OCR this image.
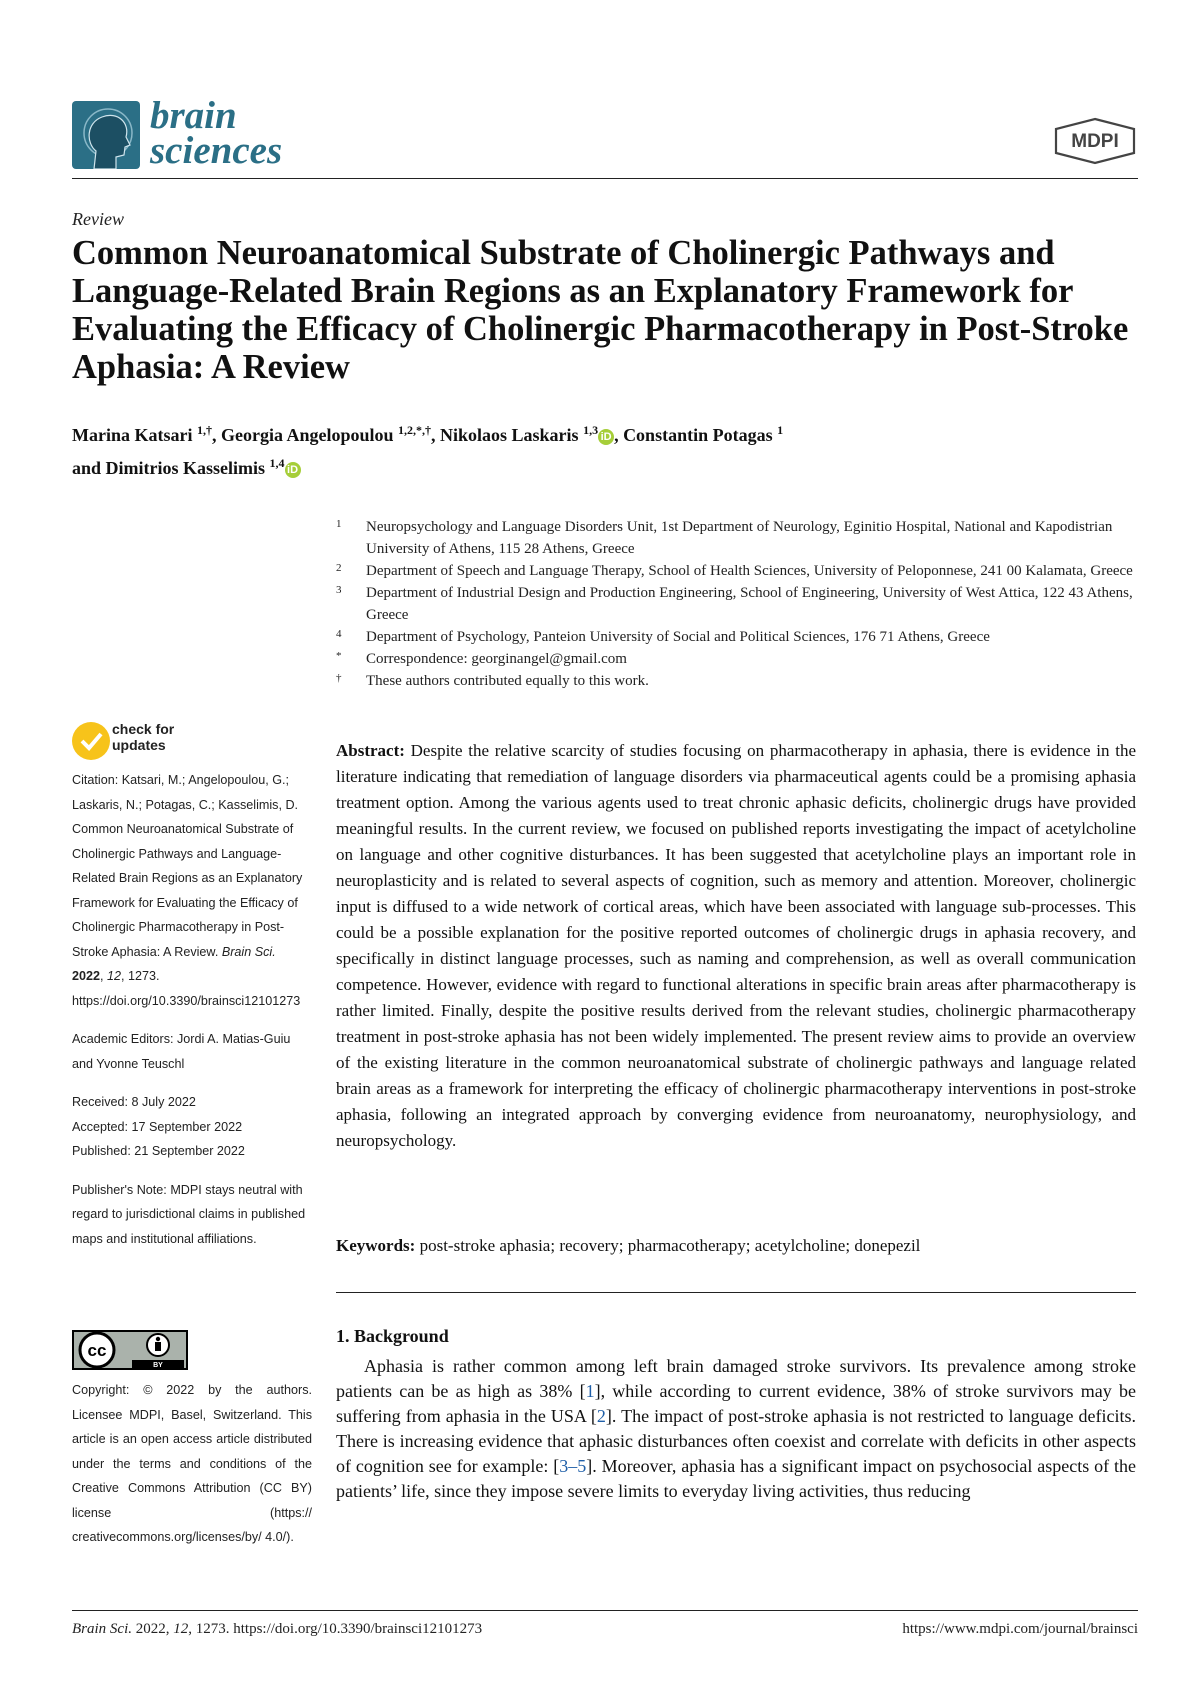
brain
sciences	MDPI
Review
Common Neuroanatomical Substrate of Cholinergic Pathways and Language-Related Brain Regions as an Explanatory Framework for Evaluating the Efficacy of Cholinergic Pharmacotherapy in Post-Stroke Aphasia: A Review

Marina Katsari $^{1,\dagger}$, Georgia Angelopoulou $^{1,2,*,\dagger}$, Nikolaos Laskaris $^{1,3}$ iD , Constantin Potagas $^1$
and Dimitrios Kasselimis $^{1,4}$ iD

1 Neuropsychology and Language Disorders Unit, 1st Department of Neurology, Eginitio Hospital, National and Kapodistrian University of Athens, 115 28 Athens, Greece
2 Department of Speech and Language Therapy, School of Health Sciences, University of Peloponnese, 241 00 Kalamata, Greece
3 Department of Industrial Design and Production Engineering, School of Engineering, University of West Attica, 122 43 Athens, Greece
4 Department of Psychology, Panteion University of Social and Political Sciences, 176 71 Athens, Greece
* Correspondence: georginangel@gmail.com
† These authors contributed equally to this work.
check for
updates
Citation: Katsari, M.; Angelopoulou, G.; Laskaris, N.; Potagas, C.; Kasselimis, D. Common Neuroanatomical Substrate of Cholinergic Pathways and Language-Related Brain Regions as an Explanatory Framework for Evaluating the Efficacy of Cholinergic Pharmacotherapy in Post-Stroke Aphasia: A Review. Brain Sci. 2022, 12, 1273. https://doi.org/10.3390/brainsci12101273
Academic Editors: Jordi A. Matias-Guiu and Yvonne Teuschl
Received: 8 July 2022
Accepted: 17 September 2022
Published: 21 September 2022
Publisher's Note: MDPI stays neutral with regard to jurisdictional claims in published maps and institutional affiliations.
cc
BY
Copyright: © 2022 by the authors. Licensee MDPI, Basel, Switzerland. This article is an open access article distributed under the terms and conditions of the Creative Commons Attribution (CC BY) license (https:// creativecommons.org/licenses/by/ 4.0/).

Abstract: Despite the relative scarcity of studies focusing on pharmacotherapy in aphasia, there is evidence in the literature indicating that remediation of language disorders via pharmaceutical agents could be a promising aphasia treatment option. Among the various agents used to treat chronic aphasic deficits, cholinergic drugs have provided meaningful results. In the current review, we focused on published reports investigating the impact of acetylcholine on language and other cognitive disturbances. It has been suggested that acetylcholine plays an important role in neuroplasticity and is related to several aspects of cognition, such as memory and attention. Moreover, cholinergic input is diffused to a wide network of cortical areas, which have been associated with language sub-processes. This could be a possible explanation for the positive reported outcomes of cholinergic drugs in aphasia recovery, and specifically in distinct language processes, such as naming and comprehension, as well as overall communication competence. However, evidence with regard to functional alterations in specific brain areas after pharmacotherapy is rather limited. Finally, despite the positive results derived from the relevant studies, cholinergic pharmacotherapy treatment in post-stroke aphasia has not been widely implemented. The present review aims to provide an overview of the existing literature in the common neuroanatomical substrate of cholinergic pathways and language related brain areas as a framework for interpreting the efficacy of cholinergic pharmacotherapy interventions in post-stroke aphasia, following an integrated approach by converging evidence from neuroanatomy, neurophysiology, and neuropsychology.

Keywords: post-stroke aphasia; recovery; pharmacotherapy; acetylcholine; donepezil

1. Background

Aphasia is rather common among left brain damaged stroke survivors. Its prevalence among stroke patients can be as high as 38% [1], while according to current evidence, 38% of stroke survivors may be suffering from aphasia in the USA [2]. The impact of post-stroke aphasia is not restricted to language deficits. There is increasing evidence that aphasic disturbances often coexist and correlate with deficits in other aspects of cognition see for example: [3–5]. Moreover, aphasia has a significant impact on psychosocial aspects of the patients’ life, since they impose severe limits to everyday living activities, thus reducing

Brain Sci. 2022, 12, 1273. https://doi.org/10.3390/brainsci12101273	https://www.mdpi.com/journal/brainsci
